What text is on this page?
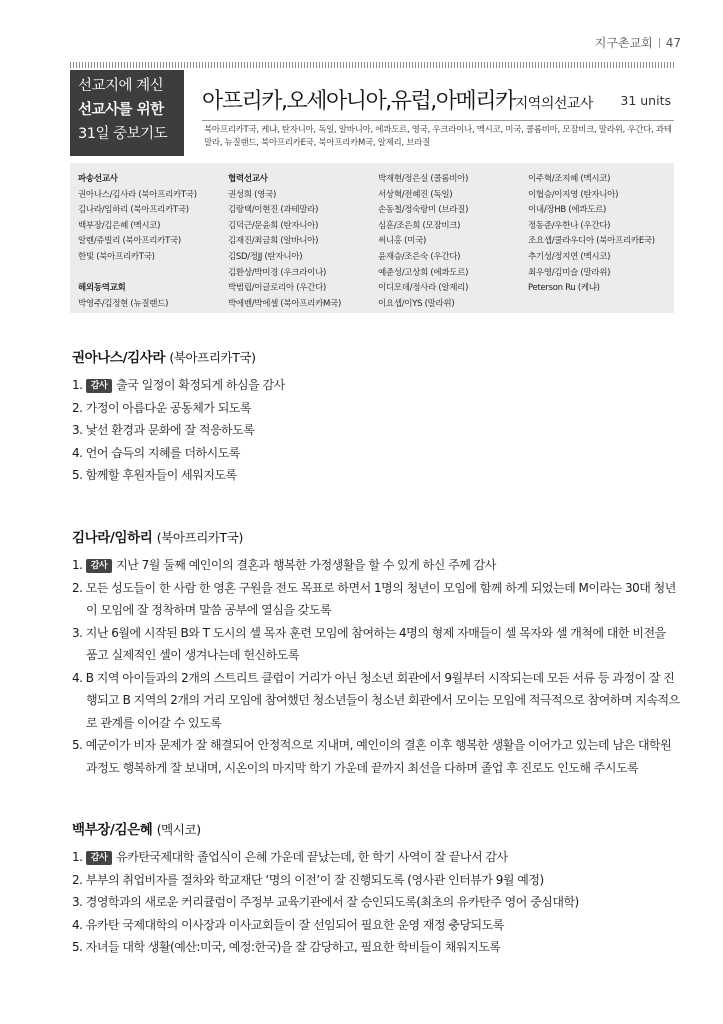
지구촌교회 47
선교지에 계신
선교사를 위한
31일 중보기도
아프리카,오세아니아,유럽,아메리카지역의선교사 31 units
북아프리카T국, 케냐, 탄자니아, 독일, 알바니아, 에콰도르, 영국, 우크라이나, 멕시코, 미국, 콜롬비아, 모잠비크, 말라위, 우간다, 과테말라, 뉴질랜드, 북아프리카E국, 북아프리카M국, 알제리, 브라질
파송선교사
권아나스/김사라 (북아프리카T국)
김나라/임하리 (북아프리카T국)
백부장/김은혜 (멕시코)
알렌/쥬빌리 (북아프리카T국)
한빛 (북아프리카T국)

해외동역교회
박영주/김정현 (뉴질랜드)
협력선교사
권성희 (영국)
김랑택/이현진 (과테말라)
김덕근/문윤희 (탄자니아)
김재진/최금희 (알바니아)
김SD/정JJ (탄자니아)
김환상/박미경 (우크라이나)
박범립/이글로리아 (우간다)
박에벤/박에셀 (북아프리카M국)

박재현/정은실 (콜롬비아)
서상혁/전혜진 (독일)
손동철/정숙랑미 (브라질)
심훈/조은희 (모잠비크)
써니홍 (미국)
윤재승/조은숙 (우간다)
예준성/고상희 (에콰도르)
이디모데/정사라 (알제리)
이요셉/이YS (말라위)
이주혁/조지혜 (멕시코)
이협승/이지영 (탄자니아)
이내/장HB (에콰도르)
정동준/우한나 (우간다)
조요셉/쿨라우디아 (북아프리카E국)
추기성/정지연 (멕시코)
최우영/김미슬 (말라위)
Peterson Ru (케냐)
권아나스/김사라 (북아프리카T국)
1. 감사 출국 일정이 확정되게 하심을 감사
2. 가정이 아름다운 공동체가 되도록
3. 낯선 환경과 문화에 잘 적응하도록
4. 언어 습득의 지혜를 더하시도록
5. 함께할 후원자들이 세워지도록
김나라/임하리 (북아프리카T국)
1. 감사 지난 7월 둘째 예인이의 결혼과 행복한 가정생활을 할 수 있게 하신 주께 감사
2. 모든 성도들이 한 사람 한 영혼 구원을 전도 목표로 하면서 1명의 청년이 모임에 함께 하게 되었는데 M이라는 30대 청년이 모임에 잘 정착하며 말씀 공부에 열심을 갖도록
3. 지난 6월에 시작된 B와 T 도시의 셀 목자 훈련 모임에 참여하는 4명의 형제 자매들이 셀 목자와 셀 개척에 대한 비전을 품고 실제적인 셀이 생겨나는데 헌신하도록
4. B 지역 아이들과의 2개의 스트리트 클럽이 거리가 아닌 청소년 회관에서 9월부터 시작되는데 모든 서류 등 과정이 잘 진행되고 B 지역의 2개의 거리 모임에 참여했던 청소년들이 청소년 회관에서 모이는 모임에 적극적으로 참여하며 지속적으로 관계를 이어갈 수 있도록
5. 예군이가 비자 문제가 잘 해결되어 안정적으로 지내며, 예인이의 결혼 이후 행복한 생활을 이어가고 있는데 남은 대학원 과정도 행복하게 잘 보내며, 시온이의 마지막 학기 가운데 끝까지 최선을 다하며 졸업 후 진로도 인도해 주시도록
백부장/김은혜 (멕시코)
1. 감사 유카탄국제대학 졸업식이 은혜 가운데 끝났는데, 한 학기 사역이 잘 끝나서 감사
2. 부부의 취업비자를 절차와 학교재단 ‘명의 이전’이 잘 진행되도록 (영사관 인터뷰가 9월 예정)
3. 경영학과의 새로운 커리큘럼이 주정부 교육기관에서 잘 승인되도록(최초의 유카탄주 영어 중심대학)
4. 유카탄 국제대학의 이사장과 이사교회들이 잘 선임되어 필요한 운영 재정 충당되도록
5. 자녀들 대학 생활(예산:미국, 예정:한국)을 잘 감당하고, 필요한 학비들이 채워지도록
